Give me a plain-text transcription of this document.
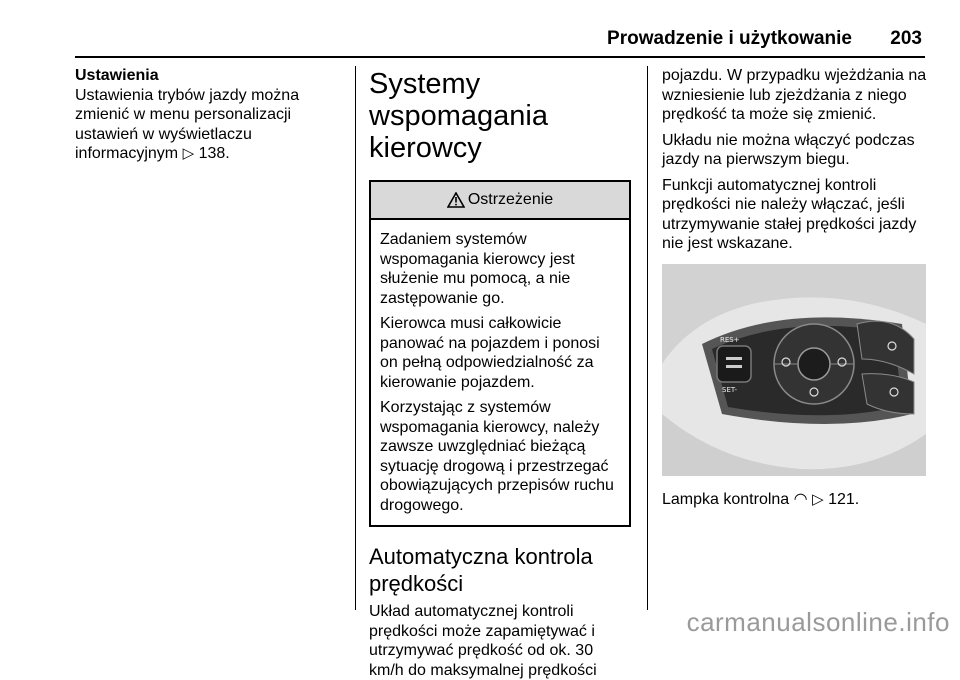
Prowadzenie i użytkowanie 203
Ustawienia
Ustawienia trybów jazdy można zmienić w menu personalizacji ustawień w wyświetlaczu informacyjnym ▷ 138.
Systemy wspomagania kierowcy
Ostrzeżenie

Zadaniem systemów wspomagania kierowcy jest służenie mu pomocą, a nie zastępowanie go.

Kierowca musi całkowicie panować na pojazdem i ponosi on pełną odpowiedzialność za kierowanie pojazdem.

Korzystając z systemów wspomagania kierowcy, należy zawsze uwzględniać bieżącą sytuację drogową i przestrzegać obowiązujących przepisów ruchu drogowego.

Automatyczna kontrola prędkości
Układ automatycznej kontroli prędkości może zapamiętywać i utrzymywać prędkość od ok. 30 km/h do maksymalnej prędkości

pojazdu. W przypadku wjeżdżania na wzniesienie lub zjeżdżania z niego prędkość ta może się zmienić.

Układu nie można włączyć podczas jazdy na pierwszym biegu.

Funkcji automatycznej kontroli prędkości nie należy włączać, jeśli utrzymywanie stałej prędkości jazdy nie jest wskazane.

RES+
SET-
Lampka kontrolna ◠ ▷ 121.
carmanualsonline.info
